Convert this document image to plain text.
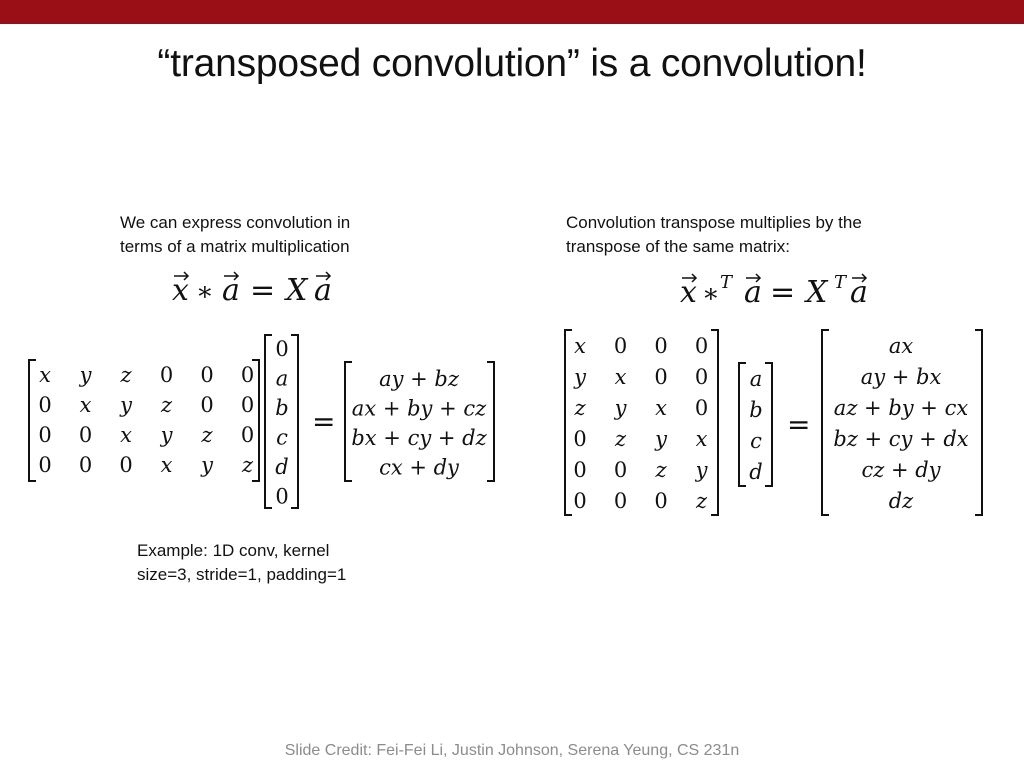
“transposed convolution” is a convolution!
We can express convolution in
terms of a matrix multiplication
Convolution transpose multiplies by the
transpose of the same matrix:
Example: 1D conv, kernel
size=3, stride=1, padding=1
Slide Credit: Fei-Fei Li, Justin Johnson, Serena Yeung, CS 231n
x ∗ a = X a	x ∗ T a = X T a
=	=
x y z 0 0 0
0 x y z 0 0
0 0 x y z 0
0 0 0 x y z
0
a
b
c
d
0
ay + bz
ax + by + cz
bx + cy + dz
cx + dy
x 0 0 0
y x 0 0
z y x 0
0 z y x
0 0 z y
0 0 0 z
a
b
c
d
ax
ay + bx
az + by + cx
bz + cy + dx
cz + dy
dz
